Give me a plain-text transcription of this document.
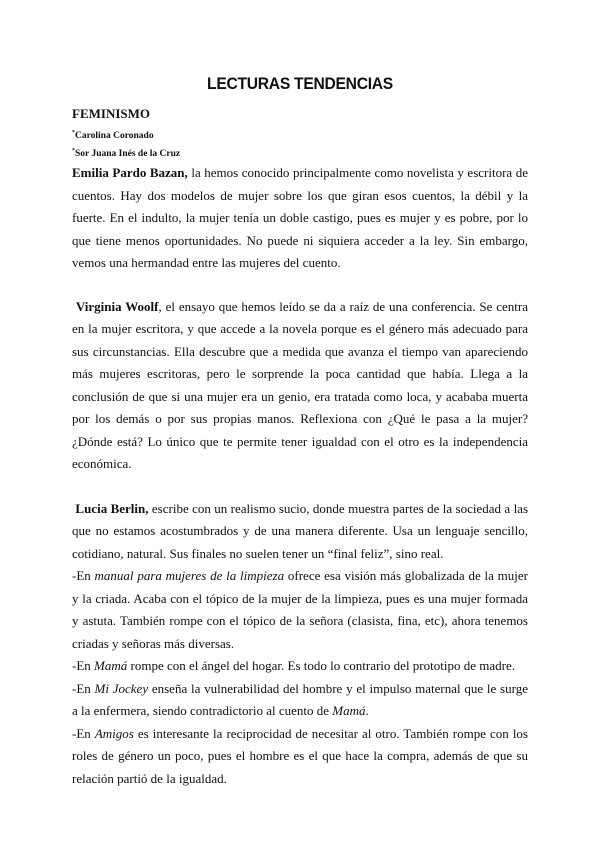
LECTURAS TENDENCIAS
FEMINISMO
*Carolina Coronado
*Sor Juana Inés de la Cruz

Emilia Pardo Bazan, la hemos conocido principalmente como novelista y escritora de cuentos. Hay dos modelos de mujer sobre los que giran esos cuentos, la débil y la fuerte. En el indulto, la mujer tenía un doble castigo, pues es mujer y es pobre, por lo que tiene menos oportunidades. No puede ni siquiera acceder a la ley. Sin embargo, vemos una hermandad entre las mujeres del cuento.

Virginia Woolf, el ensayo que hemos leído se da a raíz de una conferencia. Se centra en la mujer escritora, y que accede a la novela porque es el género más adecuado para sus circunstancias. Ella descubre que a medida que avanza el tiempo van apareciendo más mujeres escritoras, pero le sorprende la poca cantidad que había. Llega a la conclusión de que si una mujer era un genio, era tratada como loca, y acababa muerta por los demás o por sus propias manos. Reflexiona con ¿Qué le pasa a la mujer?¿Dónde está? Lo único que te permite tener igualdad con el otro es la independencia económica.

Lucia Berlin, escribe con un realismo sucio, donde muestra partes de la sociedad a las que no estamos acostumbrados y de una manera diferente. Usa un lenguaje sencillo, cotidiano, natural. Sus finales no suelen tener un “final feliz”, sino real.

-En manual para mujeres de la limpieza ofrece esa visión más globalizada de la mujer y la criada. Acaba con el tópico de la mujer de la limpieza, pues es una mujer formada y astuta. También rompe con el tópico de la señora (clasista, fina, etc), ahora tenemos criadas y señoras más diversas.

-En Mamá rompe con el ángel del hogar. Es todo lo contrario del prototipo de madre.

-En Mi Jockey enseña la vulnerabilidad del hombre y el impulso maternal que le surge a la enfermera, siendo contradictorio al cuento de Mamá.

-En Amigos es interesante la reciprocidad de necesitar al otro. También rompe con los roles de género un poco, pues el hombre es el que hace la compra, además de que su relación partió de la igualdad.
